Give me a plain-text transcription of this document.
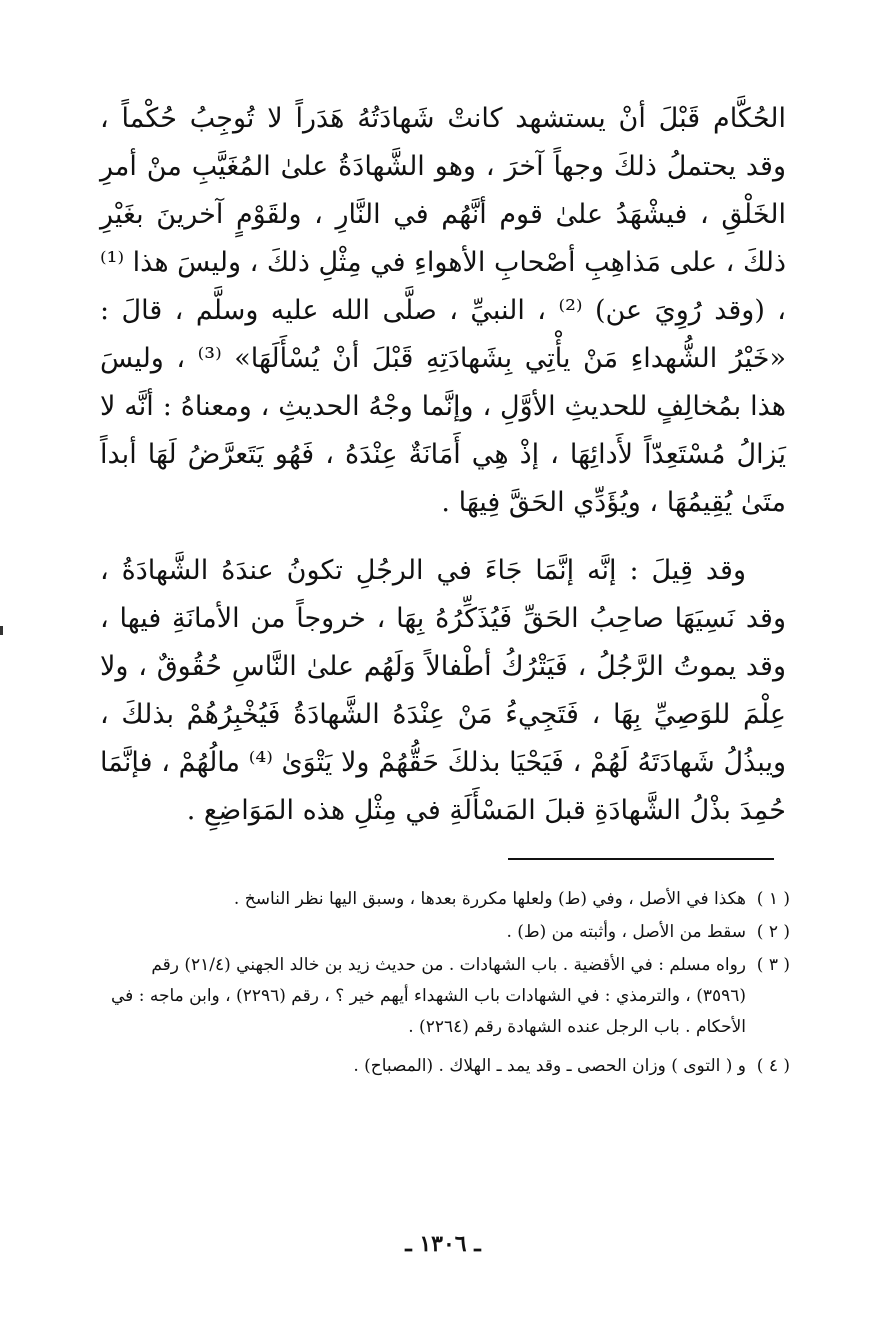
الحُكَّام قَبْلَ أنْ يستشهد كانتْ شَهادَتُهُ هَدَراً لا تُوجِبُ حُكْماً ، وقد يحتملُ ذلكَ وجهاً آخرَ ، وهو الشَّهادَةُ علىٰ المُغَيَّبِ منْ أمرِ الخَلْقِ ، فيشْهَدُ علىٰ قوم أنَّهُم في النَّارِ ، ولقَوْمٍ آخرينَ بغَيْرِ ذلكَ ، على مَذاهِبِ أصْحابِ الأهواءِ في مِثْلِ ذلكَ ، وليسَ هذا ⁽¹⁾ ، (وقد رُوِيَ عن) ⁽²⁾ ، النبيِّ ، صلَّى الله عليه وسلَّم ، قالَ : «خَيْرُ الشُّهداءِ مَنْ يأْتِي بِشَهادَتِهِ قَبْلَ أنْ يُسْأَلَهَا» ⁽³⁾ ، وليسَ هذا بمُخالِفٍ للحديثِ الأوَّلِ ، وإنَّما وجْهُ الحديثِ ، ومعناهُ : أنَّه لا يَزالُ مُسْتَعِدّاً لأَدائِهَا ، إذْ هِي أَمَانَةٌ عِنْدَهُ ، فَهُو يَتَعرَّضُ لَهَا أبداً متَىٰ يُقِيمُهَا ، ويُؤَدِّي الحَقَّ فِيهَا .

وقد قِيلَ : إنَّه إنَّمَا جَاءَ في الرجُلِ تكونُ عندَهُ الشَّهادَةُ ، وقد نَسِيَهَا صاحِبُ الحَقِّ فَيُذَكِّرُهُ بِهَا ، خروجاً من الأمانَةِ فيها ، وقد يموتُ الرَّجُلُ ، فَيَتْرُكُ أطْفالاً وَلَهُم علىٰ النَّاسِ حُقُوقٌ ، ولا عِلْمَ للوَصِيِّ بِهَا ، فَتَجِيءُ مَنْ عِنْدَهُ الشَّهادَةُ فَيُخْبِرُهُمْ بذلكَ ، ويبذُلُ شَهادَتَهُ لَهُمْ ، فَيَحْيَا بذلكَ حَقُّهُمْ ولا يَتْوَىٰ ⁽⁴⁾ مالُهُمْ ، فإنَّمَا حُمِدَ بذْلُ الشَّهادَةِ قبلَ المَسْأَلَةِ في مِثْلِ هذه المَوَاضِعِ .

( ١ )
هكذا في الأصل ، وفي (ط) ولعلها مكررة بعدها ، وسبق اليها نظر الناسخ .
( ٢ )
سقط من الأصل ، وأثبته من (ط) .
( ٣ )
رواه مسلم : في الأقضية . باب الشهادات . من حديث زيد بن خالد الجهني (٢١/٤) رقم (٣٥٩٦) ، والترمذي : في الشهادات باب الشهداء أيهم خير ؟ ، رقم (٢٢٩٦) ، وابن ماجه : في الأحكام . باب الرجل عنده الشهادة رقم (٢٢٦٤) .
( ٤ )
و ( التوى ) وزان الحصى ـ وقد يمد ـ الهلاك . (المصباح) .
ـ ١٣٠٦ ـ
